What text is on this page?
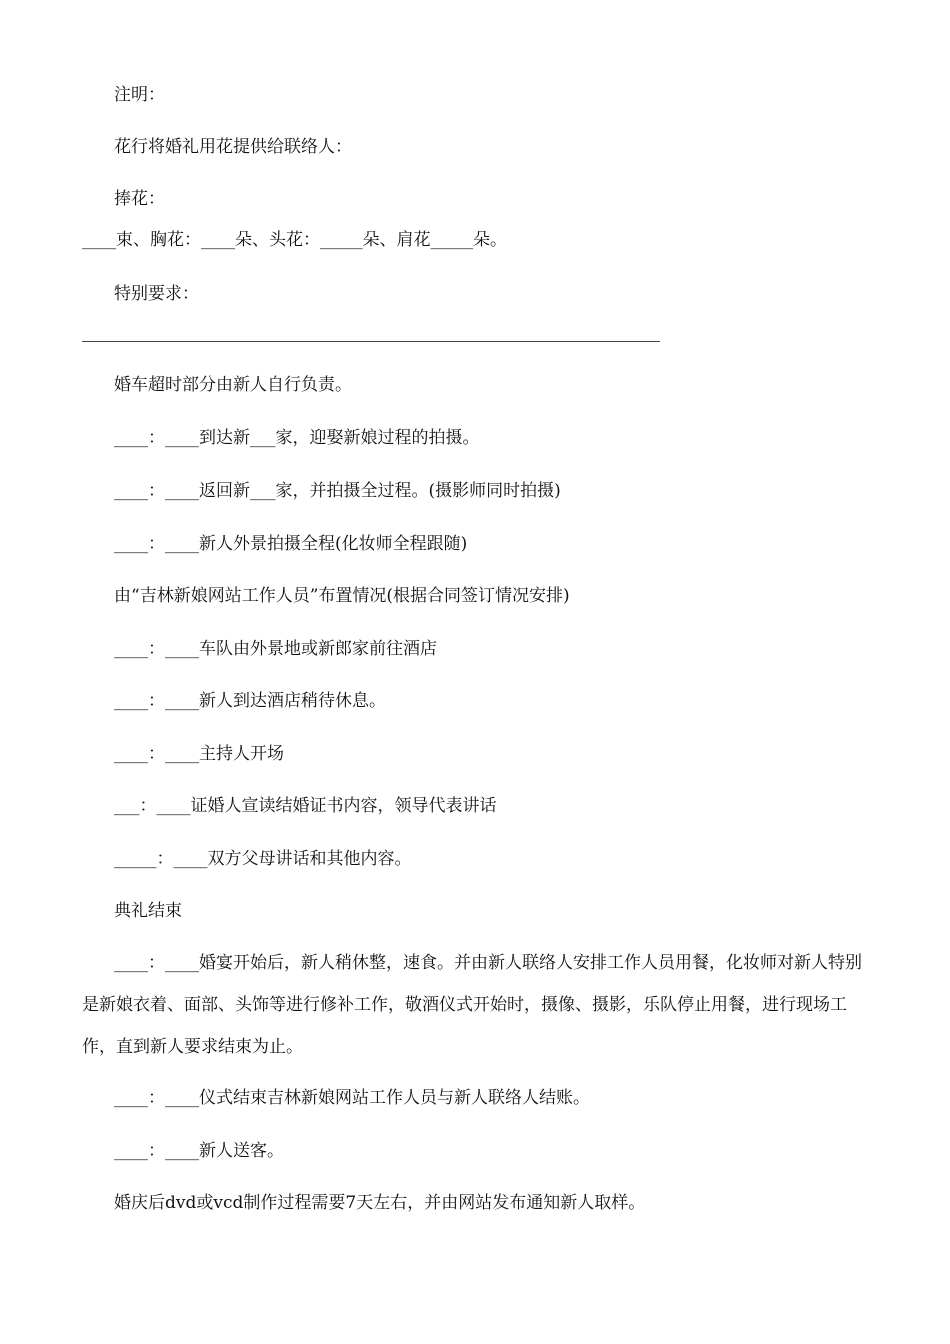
注明：
花行将婚礼用花提供给联络人：
捧花：
____束、胸花：____朵、头花：_____朵、肩花_____朵。
特别要求：
婚车超时部分由新人自行负责。
____：____到达新___家，迎娶新娘过程的拍摄。
____：____返回新___家，并拍摄全过程。(摄影师同时拍摄)
____：____新人外景拍摄全程(化妆师全程跟随)
由“吉林新娘网站工作人员”布置情况(根据合同签订情况安排)
____：____车队由外景地或新郎家前往酒店
____：____新人到达酒店稍待休息。
____：____主持人开场
___：____证婚人宣读结婚证书内容，领导代表讲话
_____：____双方父母讲话和其他内容。
典礼结束
____：____婚宴开始后，新人稍休整，速食。并由新人联络人安排工作人员用餐，化妆师对新人特别是新娘衣着、面部、头饰等进行修补工作，敬酒仪式开始时，摄像、摄影，乐队停止用餐，进行现场工作，直到新人要求结束为止。
____：____仪式结束吉林新娘网站工作人员与新人联络人结账。
____：____新人送客。
婚庆后dvd或vcd制作过程需要7天左右，并由网站发布通知新人取样。
